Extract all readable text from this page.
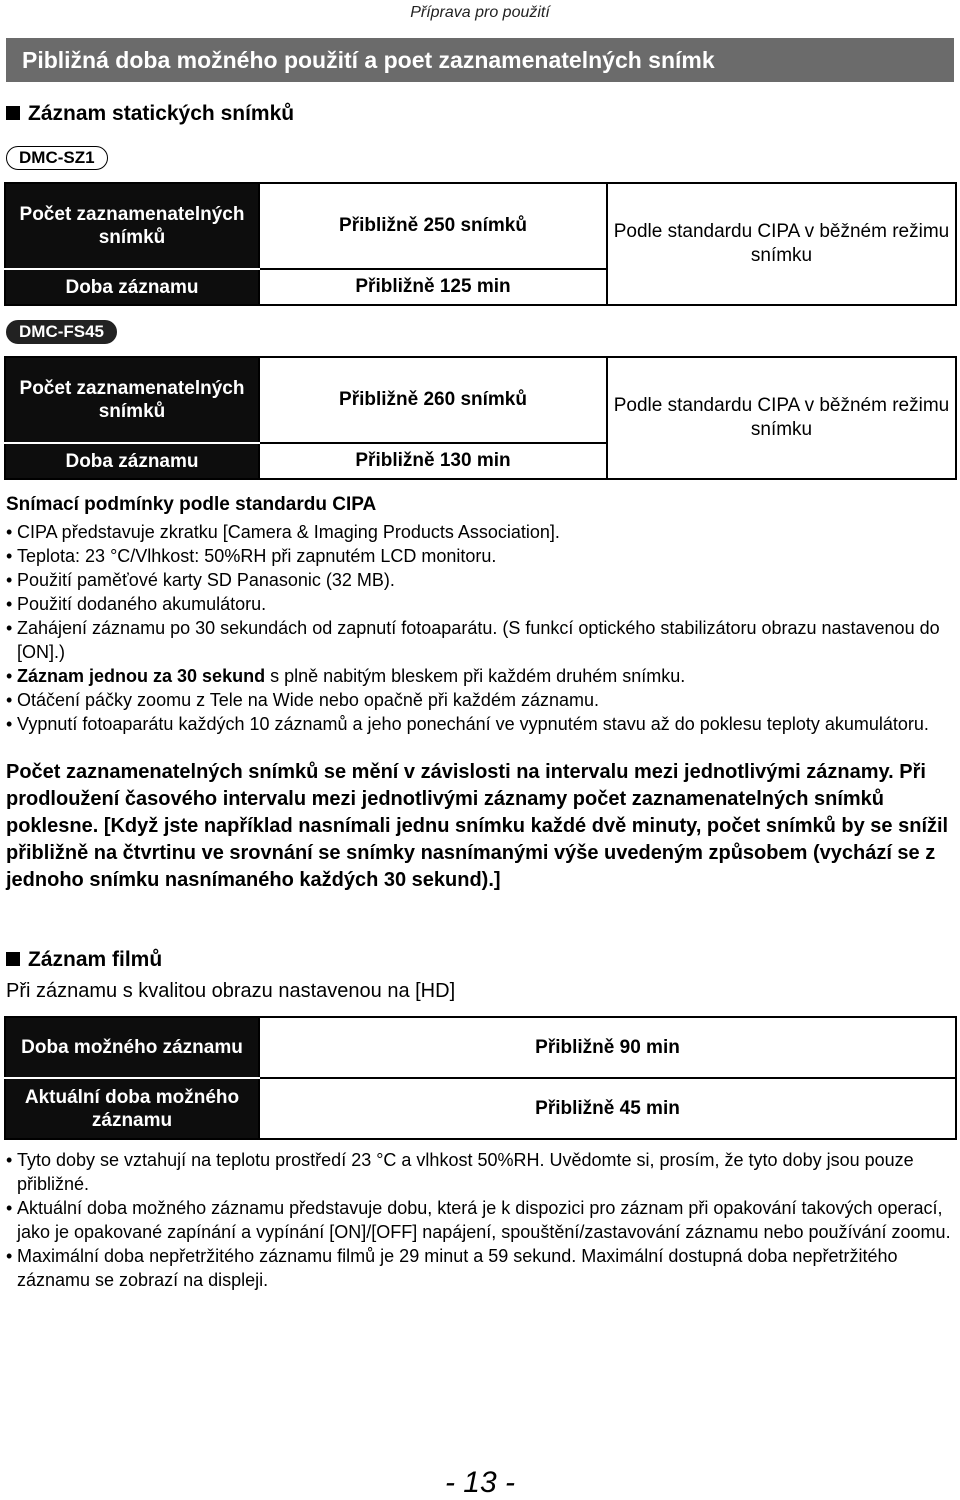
Příprava pro použití
Pibližná doba možného použití a poet zaznamenatelných snímk
Záznam statických snímků
DMC-SZ1
Počet zaznamenatelných snímků	Přibližně 250 snímků	Podle standardu CIPA v běžném režimu snímku
Doba záznamu	Přibližně 125 min	
DMC-FS45
Počet zaznamenatelných snímků	Přibližně 260 snímků	Podle standardu CIPA v běžném režimu snímku
Doba záznamu	Přibližně 130 min	
Snímací podmínky podle standardu CIPA
• CIPA představuje zkratku [Camera & Imaging Products Association].
• Teplota: 23 °C/Vlhkost: 50%RH při zapnutém LCD monitoru.
• Použití paměťové karty SD Panasonic (32 MB).
• Použití dodaného akumulátoru.
• Zahájení záznamu po 30 sekundách od zapnutí fotoaparátu. (S funkcí optického stabilizátoru obrazu nastavenou do [ON].)
• Záznam jednou za 30 sekund s plně nabitým bleskem při každém druhém snímku.
• Otáčení páčky zoomu z Tele na Wide nebo opačně při každém záznamu.
• Vypnutí fotoaparátu každých 10 záznamů a jeho ponechání ve vypnutém stavu až do poklesu teploty akumulátoru.
Počet zaznamenatelných snímků se mění v závislosti na intervalu mezi jednotlivými záznamy. Při prodloužení časového intervalu mezi jednotlivými záznamy počet zaznamenatelných snímků poklesne. [Když jste například nasnímali jednu snímku každé dvě minuty, počet snímků by se snížil přibližně na čtvrtinu ve srovnání se snímky nasnímanými výše uvedeným způsobem (vychází se z jednoho snímku nasnímaného každých 30 sekund).]
Záznam filmů
Při záznamu s kvalitou obrazu nastavenou na [HD]
Doba možného záznamu	Přibližně 90 min
Aktuální doba možného záznamu	Přibližně 45 min
• Tyto doby se vztahují na teplotu prostředí 23 °C a vlhkost 50%RH. Uvědomte si, prosím, že tyto doby jsou pouze přibližné.
• Aktuální doba možného záznamu představuje dobu, která je k dispozici pro záznam při opakování takových operací, jako je opakované zapínání a vypínání [ON]/[OFF] napájení, spouštění/zastavování záznamu nebo používání zoomu.
• Maximální doba nepřetržitého záznamu filmů je 29 minut a 59 sekund. Maximální dostupná doba nepřetržitého záznamu se zobrazí na displeji.
- 13 -
